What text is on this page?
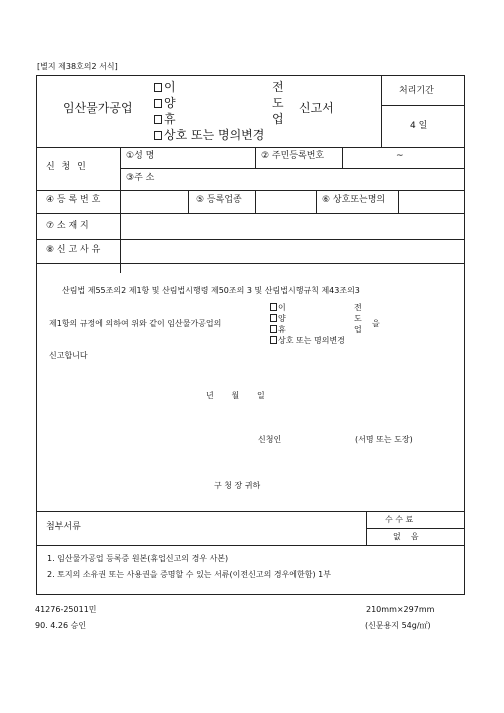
[별지 제38호의2 서식]
임산물가공업
이	전
양	도
휴	업
상호 또는 명의변경
신고서
처리기간
4 일
신 청 인
①성 명	② 주민등록번호	~
③주 소
④ 등 록 번 호	⑤ 등록업종	⑥ 상호또는명의
⑦ 소 재 지
⑧ 신 고 사 유
산림법 제55조의2 제1항 및 산림법시행령 제50조의 3 및 산림법시행규칙 제43조의3
제1항의 규정에 의하여 위와 같이 임산물가공업의
이	전
양	도
휴	업
상호 또는 명의변경
을
신고합니다
년       월       일
신청인	(서명 또는 도장)
구 청 장 귀하
첨부서류
수 수 료
없    음
1. 임산물가공업 등록증 원본(휴업신고의 경우 사본)
2. 토지의 소유권 또는 사용권을 증명할 수 있는 서류(이전신고의 경우에한함) 1부
41276-25011민
90. 4.26 승인
210mm×297mm
(신문용지 54g/㎡)
